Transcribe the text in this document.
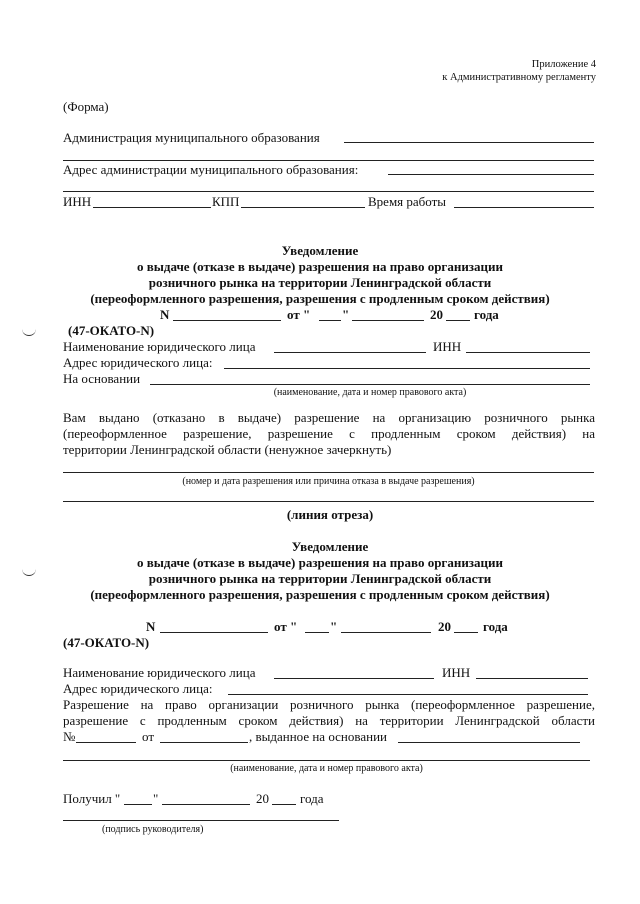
Приложение 4
к Административному регламенту
(Форма)
Администрация муниципального образования
Адрес администрации муниципального образования:
ИНН	КПП	Время работы
Уведомление
о выдаче (отказе в выдаче) разрешения на право организации
розничного рынка на территории Ленинградской области
(переоформленного разрешения, разрешения с продленным сроком действия)
N	от " "	20 года
(47-ОКАТО-N)
Наименование юридического лица	ИНН
Адрес юридического лица:
На основании
(наименование, дата и номер правового акта)
Вам выдано (отказано в выдаче) разрешение на организацию розничного рынка
(переоформленное разрешение, разрешение с продленным сроком действия) на
территории Ленинградской области (ненужное зачеркнуть)
(номер и дата разрешения или причина отказа в выдаче разрешения)
(линия отреза)
Уведомление
о выдаче (отказе в выдаче) разрешения на право организации
розничного рынка на территории Ленинградской области
(переоформленного разрешения, разрешения с продленным сроком действия)
N	от "	"	20 года
(47-ОКАТО-N)
Наименование юридического лица	ИНН
Адрес юридического лица:
Разрешение на право организации розничного рынка (переоформленное разрешение,
разрешение с продленным сроком действия) на территории Ленинградской области
№	от	, выданное на основании
(наименование, дата и номер правового акта)
Получил "	"	20 года
(подпись руководителя)
